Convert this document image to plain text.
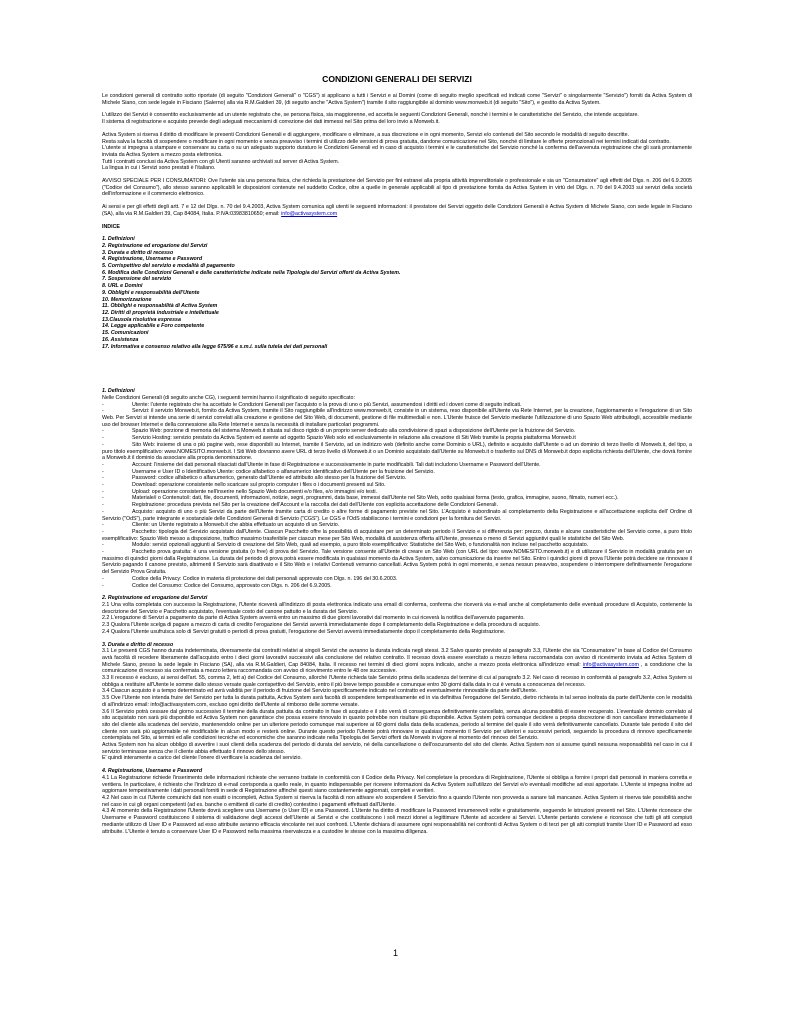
CONDIZIONI GENERALI DEI SERVIZI

Le condizioni generali di contratto sotto riportate (di seguito "Condizioni Generali" o "CGS") si applicano a tutti i Servizi e ai Domini (come di seguito meglio specificati ed indicati come "Servizi" o singolarmente "Servizio") forniti da Activa System di Michele Siano, con sede legale in Fisciano (Salerno) alla via R.M.Galdieri 39, (di seguito anche "Activa System") tramite il sito raggiungibile al dominio www.monweb.it (di seguito "Sito"), e gestito da Activa System.

L'utilizzo dei Servizi è consentito esclusivamente ad un utente registrato che, se persona fisica, sia maggiorenne, ed accetta le seguenti Condizioni Generali, nonché i termini e le caratteristiche del Servizio, che intende acquistare.
Il sistema di registrazione e acquisto prevede degli adeguati meccanismi di correzione dei dati immessi nel Sito prima del loro invio a Monweb.it.

Activa System si riserva il diritto di modificare le presenti Condizioni Generali e di aggiungere, modificare o eliminare, a sua discrezione e in ogni momento, Servizi e/o contenuti del Sito secondo le modalità di seguito descritte.
Resta salva la facoltà di sospendere o modificare in ogni momento e senza preavviso i termini di utilizzo delle versioni di prova gratuita, dandone comunicazione nel Sito, nonché di limitare le offerte promozionali nei termini indicati dal contratto.
L'utente si impegna a stampare e conservare su carta o su un adeguato supporto duraturo le Condizioni Generali ed in caso di acquisto i termini e le caratteristiche del Servizio nonché la conferma dell'avvenuta registrazione che gli sarà prontamente inviata da Activa System a mezzo posta elettronica.
Tutti i contratti conclusi da Activa System con gli Utenti saranno archiviati sul server di Activa System.
La lingua in cui i Servizi sono prestati è l'italiano.

AVVISO SPECIALE PER I CONSUMATORI: Ove l'utente sia una persona fisica, che richieda la prestazione del Servizio per fini estranei alla propria attività imprenditoriale o professionale e sia un "Consumatore" agli effetti del Dlgs. n. 206 del 6.9.2005 ("Codice del Consumo"), allo stesso saranno applicabili le disposizioni contenute nel suddetto Codice, oltre a quelle in generale applicabili al tipo di prestazione fornita da Activa System in virtù del Dlgs. n. 70 del 9.4.2003 sui servizi della società dell'informazione e il commercio elettronico.

Ai sensi e per gli effetti degli artt. 7 e 12 del Dlgs. n. 70 del 9.4.2003, Activa System comunica agli utenti le seguenti informazioni: il prestatore dei Servizi oggetto delle Condizioni Generali è Activa System di Michele Siano, con sede legale in Fisciano (SA), alla via R.M.Galdieri 39, Cap 84084, Italia. P.IVA:03983810650; email: info@activasystem.com

INDICE
1. Definizioni
2. Registrazione ed erogazione dei Servizi
3. Durata e diritto di recesso
4. Registrazione, Username e Password
5. Corrispettivo del servizio e modalità di pagamento
6. Modifica delle Condizioni Generali e delle caratteristiche indicate nella Tipologia dei Servizi offerti da Activa System.
7. Sospensione del servizio
8. URL e Domini
9. Obblighi e responsabilità dell'Utente
10. Memorizzazione
11. Obblighi e responsabilità di Activa System
12. Diritti di proprietà industriale e intellettuale
13.Clausola risolutiva espressa
14. Legge applicabile e Foro competente
15. Comunicazioni
16. Assistenza
17. Informativa e consenso relativo alla legge 675/96 e s.m.i. sulla tutela dei dati personali
1. Definizioni

Nelle Condizioni Generali (di seguito anche CG), i seguenti termini hanno il significato di seguito specificato:

-	Utente: l'utente registrato che ha accettato le Condizioni Generali per l'acquisto o la prova di uno o più Servizi, assumendosi i diritti ed i doveri come di seguito indicati.
-	Servizi: il servizio Monweb.it, fornito da Activa System, tramite il Sito raggiungibile all'indirizzo www.monweb.it, consiste in un sistema, reso disponibile all'Utente via Rete Internet, per la creazione, l'aggiornamento e l'erogazione di un Sito Web. Per Servizi si intende una serie di servizi correlati alla creazione e gestione del Sito Web, di documenti, gestione di file multimediali e non. L'Utente fruisce del Servizio mediante l'utilizzazione di uno Spazio Web attribuitogli, accessibile mediante uso del browser Internet e della connessione alla Rete Internet e senza la necessità di installare particolari programmi.
-	Spazio Web: porzione di memoria del sistema Monweb.it situata sul disco rigido di un proprio server dedicato alla condivisione di spazi a disposizione dell'Utente per la fruizione del Servizio.
-	Servizio Hosting: servizio prestato da Activa System ed avente ad oggetto Spazio Web solo ed esclusivamente in relazione alla creazione di Siti Web tramite la propria piattaforma Monweb.it
-	Sito Web: insieme di una o più pagine web, rese disponibili su Internet, tramite il Servizio, ad un indirizzo web (definito anche come Dominio o URL), definito e acquisito dall'Utente o ad un dominio di terzo livello di Monweb.it, del tipo, a puro titolo esemplificativo: www.NOMESITO.monweb.it. I Siti Web dovranno avere URL di terzo livello di Monweb.it o un Dominio acquistato dall'Utente su Monweb.it o trasferito sul DNS di Monweb.it dopo esplicita richiesta dell'Utente, che dovrà fornire a Monweb.it il dominio da associare alla propria denominazione.
-	Account: l'insieme dei dati personali rilasciati dall'Utente in fase di Registrazione e successivamente in parte modificabili. Tali dati includono Username e Password dell'Utente.
-	Username e User ID o Identificativo Utente: codice alfabetico o alfanumerico identificativo dell'Utente per la fruizione del Servizio.
-	Password: codice alfabetico o alfanumerico, generato dall'Utente ed attribuito allo stesso per la fruizione del Servizio.
-	Download: operazione consistente nello scaricare sul proprio computer i files o i documenti presenti sul Sito.
-	Upload: operazione consistente nell'inserire nello Spazio Web documenti e/o files, e/o immagini e/o testi.
-	Materiale/i o Contenuto/i: dati, file, documenti, informazioni, notizie, segni, programmi, data base, immessi dall'Utente nel Sito Web, sotto qualsiasi forma (testo, grafica, immagine, suono, filmato, numeri ecc.).
-	Registrazione: procedura prevista nel Sito per la creazione dell'Account e la raccolta dei dati dell'Utente con esplicita accettazione delle Condizioni Generali.
-	Acquisto: acquisto di uno o più Servizi da parte dell'Utente tramite carta di credito o altre forme di pagamento previste nel Sito. L'Acquisto è subordinato al completamento della Registrazione e all'accettazione esplicita dell' Ordine di Servizio ("OdS"), parte integrante e sostanziale delle Condizioni Generali di Servizio ("CGS"). Le CGS e l'OdS stabiliscono i termini e condizioni per la fornitura del Servizi.
-	Cliente: un Utente registrato a Monweb.it che abbia effettuato un acquisto di un Servizio.
-	Pacchetto: tipologia del Servizio acquistato dall'Utente. Ciascun Pacchetto offre la possibilità di acquistare per un determinato periodo il Servizio e si differenzia per: prezzo, durata e alcune caratteristiche del Servizio come, a puro titolo esemplificativo: Spazio Web messo a disposizione, traffico massimo trasferibile per ciascun mese per Sito Web, modalità di assistenza offerta all'Utente, presenza o meno di Servizi aggiuntivi quali le statistiche del Sito Web.
-	Modulo: servizi opzionali aggiunti al Servizio di creazione del Sito Web, quali ad esempio, a puro titolo esemplificativo: Statistiche del Sito Web, o funzionalità non incluse nel pacchetto acquistato.
-	Pacchetto prova gratuita: è una versione gratuita (o free) di prova del Servizio. Tale versione consente all'Utente di creare un Sito Web (con URL del tipo: www.NOMESITO.monweb.it) e di utilizzare il Servizio in modalità gratuita per un massimo di quindici giorni dalla Registrazione. La durata del periodo di prova potrà essere modificata in qualsiasi momento da Activa System, salvo comunicazione da inserire nel Sito. Entro i quindici giorni di prova l'Utente potrà decidere se rinnovare il Servizio pagando il canone previsto, altrimenti il Servizio sarà disattivato e il Sito Web e i relativi Contenuti verranno cancellati. Activa System potrà in ogni momento, e senza nessun preavviso, sospendere o interrompere definitivamente l'erogazione del Servizio Prova Gratuita.
-	Codice della Privacy: Codice in materia di protezione dei dati personali approvato con Dlgs. n. 196 del 30.6.2003.
-	Codice del Consumo: Codice del Consumo, approvato con Dlgs. n. 206 del 6.9.2005.
2. Registrazione ed erogazione dei Servizi

2.1 Una volta completata con successo la Registrazione, l'Utente riceverà all'indirizzo di posta elettronica indicato una email di conferma, conferma che riceverà via e-mail anche al completamento delle eventuali procedure di Acquisto, contenente la descrizione del Servizio e Pacchetto acquistato, l'eventuale costo del canone pattuito e la durata del Servizio.
2.2 L'erogazione di Servizi a pagamento da parte di Activa System avverrà entro un massimo di due giorni lavorativi dal momento in cui riceverà la notifica dell'avvenuto pagamento.
2.3 Qualora l'Utente scelga di pagare a mezzo di carta di credito l'erogazione dei Servizi avverrà immediatamente dopo il completamento della Registrazione e della procedura di acquisto.
2.4 Qualora l'Utente usufruisca solo di Servizi gratuiti o periodi di prova gratuiti, l'erogazione dei Servizi avverrà immediatamente dopo il completamento della Registrazione.

3. Durata e diritto di recesso

3.1 Le presenti CGS hanno durata indeterminata, diversamente dai contratti relativi ai singoli Servizi che avranno la durata indicata negli stessi. 3.2 Salvo quanto previsto al paragrafo 3.3, l'Utente che sia "Consumatore" in base al Codice del Consumo avrà facoltà di recedere liberamente dall'acquisto entro i dieci giorni lavorativi successivi alla conclusione del relativo contratto. Il recesso dovrà essere esercitato a mezzo lettera raccomandata con avviso di ricevimento inviata ad Activa System di Michele Siano, presso la sede legale in Fisciano (SA), alla via R.M.Galdieri, Cap 84084, Italia. Il recesso nei termini di dieci giorni sopra indicato, anche a mezzo posta elettronica all'indirizzo email: info@activasystem.com , a condizione che la comunicazione di recesso sia confermata a mezzo lettera raccomandata con avviso di ricevimento entro le 48 ore successive.

3.3 Il recesso è escluso, ai sensi dell'art. 55, comma 2, lett a) del Codice del Consumo, allorché l'Utente richieda tale Servizio prima della scadenza del termine di cui al paragrafo 3.2. Nel caso di recesso in conformità al paragrafo 3.2, Activa System si obbliga a restituire all'Utente le somme dallo stesso versate quale corrispettivo del Servizio, entro il più breve tempo possibile e comunque entro 30 giorni dalla data in cui è venuta a conoscenza del recesso.
3.4 Ciascun acquisto è a tempo determinato ed avrà validità per il periodo di fruizione del Servizio specificamente indicato nel contratto ed eventualmente rinnovabile da parte dell'Utente.
3.5 Ove l'Utente non intenda fruire del Servizio per tutta la durata pattuita, Activa System avrà facoltà di sospendere tempestivamente ed in via definitiva l'erogazione del Servizio, dietro richiesta in tal senso inoltrata da parte dell'Utente con le modalità di all'indirizzo email: info@activasystem.com, escluso ogni diritto dell'Utente al rimborso delle somme versate.
3.6 Il Servizio potrà cessare dal giorno successivo il termine della durata pattuita da contratto in fase di acquisto e il sito verrà di conseguenza definitivamente cancellato, senza alcuna possibilità di essere recuperato. L'eventuale dominio correlato al sito acquistato non sarà più disponibile ed Activa System non garantisce che possa essere rinnovato in quanto potrebbe non risultare più disponibile. Activa System potrà comunque decidere a propria discrezione di non cancellare immediatamente il sito del cliente alla scadenza del servizio, mantenendolo online per un ulteriore periodo comunque mai superiore ai 60 giorni dalla data della scadenza, periodo al termine del quale il sito verrà definitivamente cancellato. Durante tale periodo il sito del cliente non sarà più aggiornabile né modificabile in alcun modo e resterà online. Durante questo periodo l'Utente potrà rinnovare in qualsiasi momento il Servizio per ulteriori e successivi periodi, seguendo la procedura di rinnovo specificamente contemplata nel Sito, ai termini ed alle condizioni tecniche ed economiche che saranno indicate nella Tipologia dei Servizi offerti da Monweb in vigore al momento del rinnovo del Servizio.
Activa System non ha alcun obbligo di avvertire i suoi clienti della scadenza del periodo di durata del servizio, né della cancellazione o dell'oscuramento del sito del cliente. Activa System non si assume quindi nessuna responsabilità nel caso in cui il servizio terminasse senza che il cliente abbia effettuato il rinnovo dello stesso.
E' quindi interamente a carico del cliente l'onere di verificare la scadenza del servizio.

4. Registrazione, Username e Password

4.1 La Registrazione richiede l'inserimento delle informazioni richieste che verranno trattate in conformità con il Codice della Privacy. Nel completare la procedura di Registrazione, l'Utente si obbliga a fornire i propri dati personali in maniera corretta e veritiera. In particolare, è richiesto che l'indirizzo di e-mail corrisponda a quello reale, in quanto indispensabile per ricevere informazioni da Activa System sull'utilizzo del Servizi e/o eventuali modifiche ad essi apportate. L'Utente si impegna inoltre ad aggiornare tempestivamente i dati personali forniti in sede di Registrazione affinché questi siano costantemente aggiornati, completi e veritieri.
4.2 Nel caso in cui l'Utente comunichi dati non esatti o incompleti, Activa System si riserva la facoltà di non attivare e/o sospendere il Servizio fino a quando l'Utente non provveda a sanare tali mancanze. Activa System si riserva tale possibilità anche nel caso in cui gli organi competenti (ad es. banche o emittenti di carte di credito) contestino i pagamenti effettuati dall'Utente.
4.3 Al momento della Registrazione l'Utente dovrà scegliere una Username (o User ID) e una Password. L'Utente ha diritto di modificare la Password innumerevoli volte e gratuitamente, seguendo le istruzioni presenti nel Sito. L'Utente riconosce che Username e Password costituiscono il sistema di validazione degli accessi dell'Utente ai Servizi e che costituiscono i soli mezzi idonei a legittimare l'Utente ad accedere ai Servizi. L'Utente pertanto conviene e riconosce che tutti gli atti compiuti mediante utilizzo di User ID e Password ad esso attribuite avranno efficacia vincolante nei suoi confronti. L'Utente dichiara di assumere ogni responsabilità nei confronti di Activa System o di terzi per gli atti compiuti tramite User ID e Password ad esso attribuite. L'Utente è tenuto a conservare User ID e Password nella massima riservatezza e a custodire le stesse con la massima diligenza.

1
